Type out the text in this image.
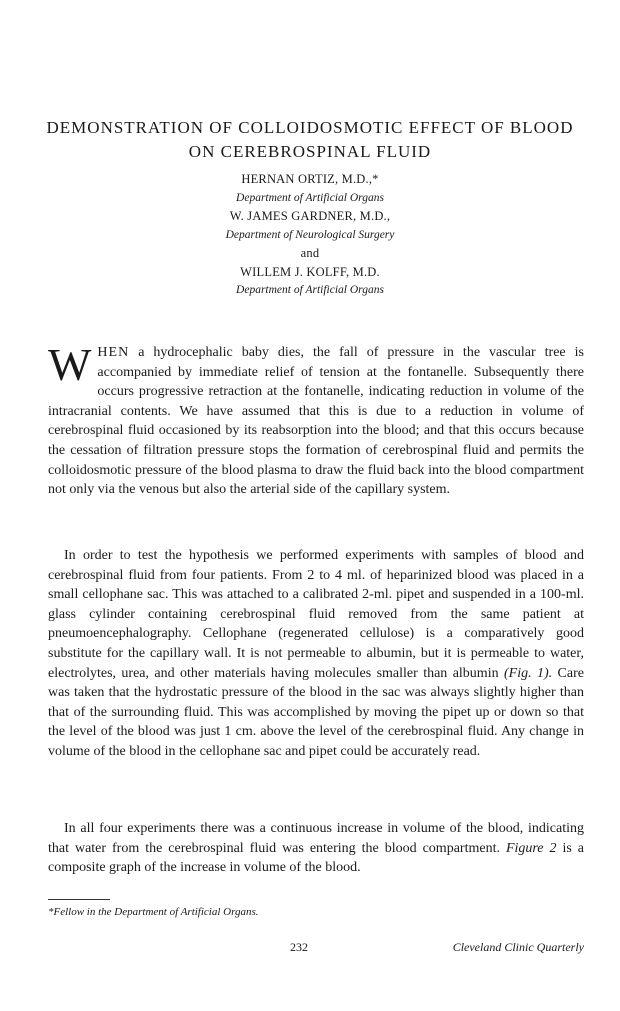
DEMONSTRATION OF COLLOIDOSMOTIC EFFECT OF BLOOD
ON CEREBROSPINAL FLUID
HERNAN ORTIZ, M.D.,*
Department of Artificial Organs
W. JAMES GARDNER, M.D.,
Department of Neurological Surgery
and
WILLEM J. KOLFF, M.D.
Department of Artificial Organs

WHEN a hydrocephalic baby dies, the fall of pressure in the vascular tree is accompanied by immediate relief of tension at the fontanelle. Subsequently there occurs progressive retraction at the fontanelle, indicating reduction in volume of the intracranial contents. We have assumed that this is due to a reduction in volume of cerebrospinal fluid occasioned by its reabsorption into the blood; and that this occurs because the cessation of filtration pressure stops the formation of cerebrospinal fluid and permits the colloidosmotic pressure of the blood plasma to draw the fluid back into the blood compartment not only via the venous but also the arterial side of the capillary system.

In order to test the hypothesis we performed experiments with samples of blood and cerebrospinal fluid from four patients. From 2 to 4 ml. of heparinized blood was placed in a small cellophane sac. This was attached to a calibrated 2-ml. pipet and suspended in a 100-ml. glass cylinder containing cerebrospinal fluid removed from the same patient at pneumoencephalography. Cellophane (regenerated cellulose) is a comparatively good substitute for the capillary wall. It is not permeable to albumin, but it is permeable to water, electrolytes, urea, and other materials having molecules smaller than albumin (Fig. 1). Care was taken that the hydrostatic pressure of the blood in the sac was always slightly higher than that of the surrounding fluid. This was accomplished by moving the pipet up or down so that the level of the blood was just 1 cm. above the level of the cerebrospinal fluid. Any change in volume of the blood in the cellophane sac and pipet could be accurately read.

In all four experiments there was a continuous increase in volume of the blood, indicating that water from the cerebrospinal fluid was entering the blood compartment. Figure 2 is a composite graph of the increase in volume of the blood.

*Fellow in the Department of Artificial Organs.
232	Cleveland Clinic Quarterly
